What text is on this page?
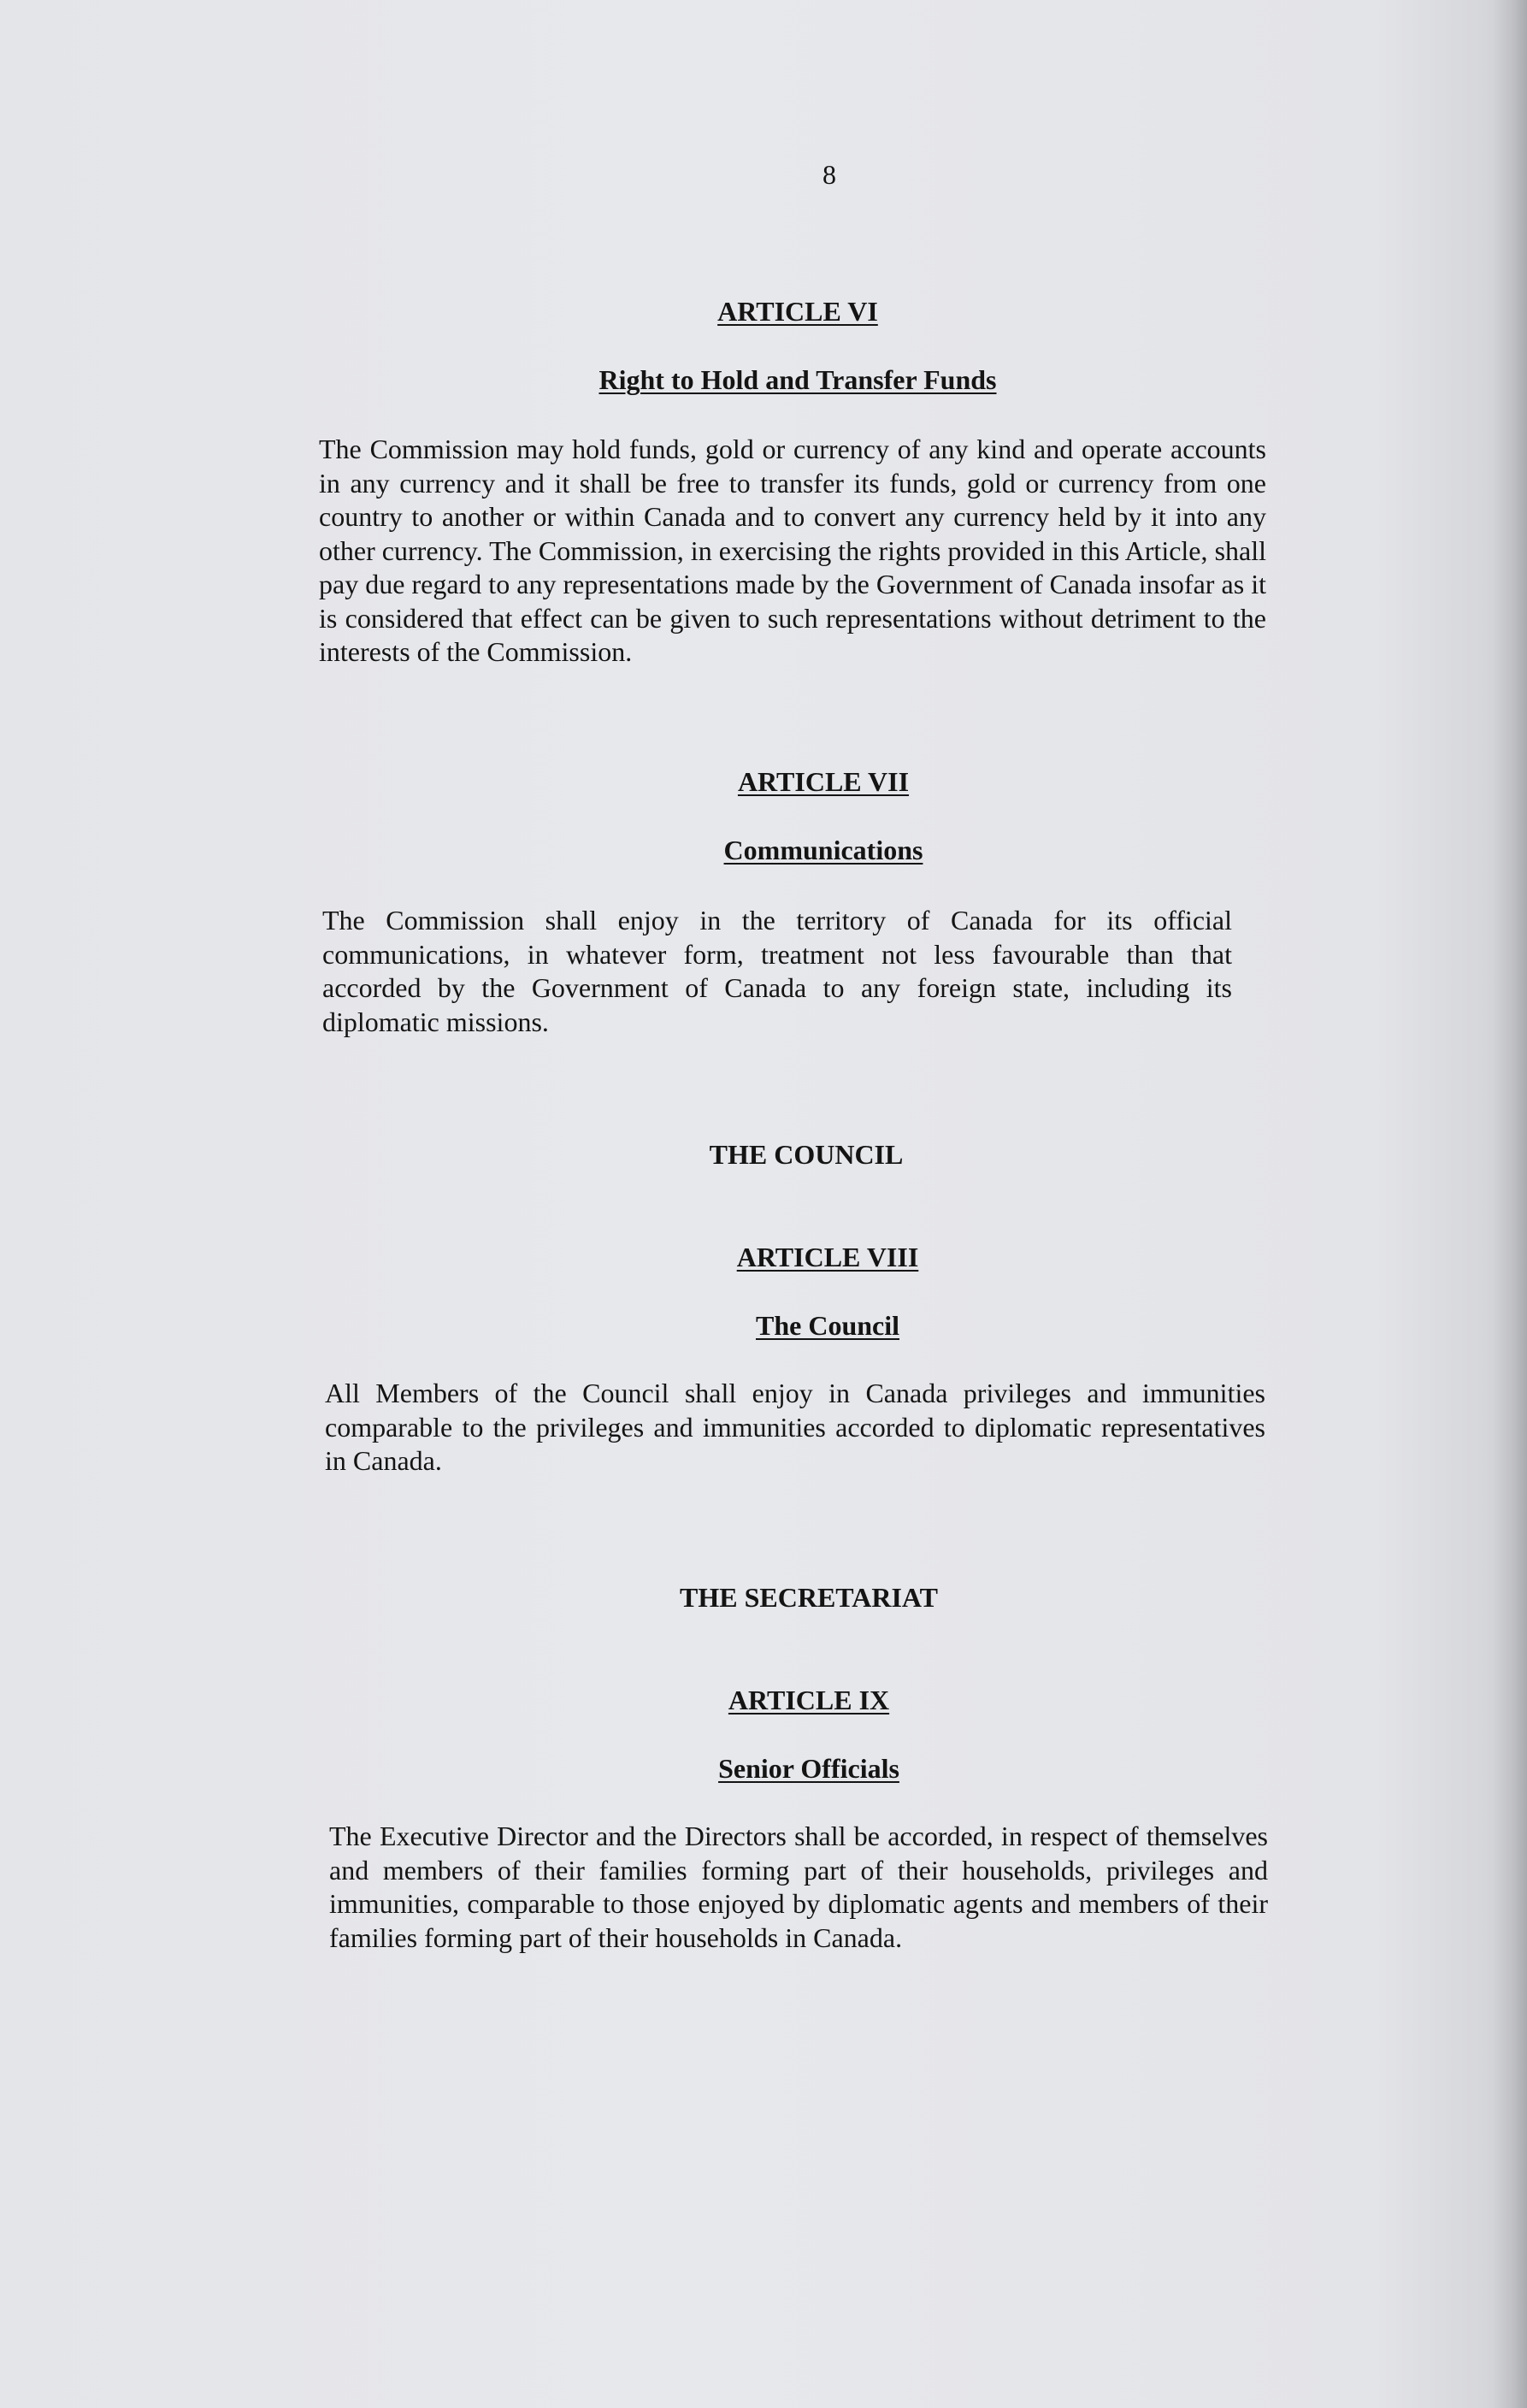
8
ARTICLE VI
Right to Hold and Transfer Funds
The Commission may hold funds, gold or currency of any kind and operate accounts in any currency and it shall be free to transfer its funds, gold or currency from one country to another or within Canada and to convert any currency held by it into any other currency. The Commission, in exercising the rights provided in this Article, shall pay due regard to any representations made by the Government of Canada insofar as it is considered that effect can be given to such representations without detriment to the interests of the Commission.
ARTICLE VII
Communications
The Commission shall enjoy in the territory of Canada for its official communications, in whatever form, treatment not less favourable than that accorded by the Government of Canada to any foreign state, including its diplomatic missions.
THE COUNCIL
ARTICLE VIII
The Council
All Members of the Council shall enjoy in Canada privileges and immunities comparable to the privileges and immunities accorded to diplomatic representatives in Canada.
THE SECRETARIAT
ARTICLE IX
Senior Officials
The Executive Director and the Directors shall be accorded, in respect of themselves and members of their families forming part of their households, privileges and immunities, comparable to those enjoyed by diplomatic agents and members of their families forming part of their households in Canada.
